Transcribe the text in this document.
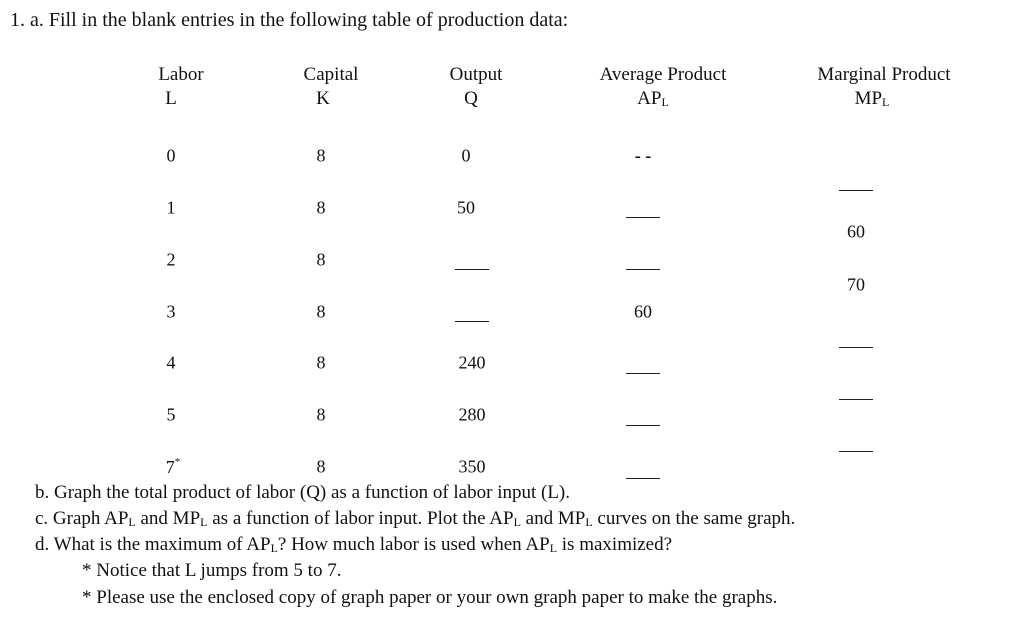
1. a. Fill in the blank entries in the following table of production data:
Labor
L
Capital
K
Output
Q
Average Product
APL
Marginal Product
MPL
0
1
2
3
4
5
7*
8
8
8
8
8
8
8
0
50
240
280
350
- -
60
60
70
b. Graph the total product of labor (Q) as a function of labor input (L).
c. Graph APL and MPL as a function of labor input. Plot the APL and MPL curves on the same graph.
d. What is the maximum of APL? How much labor is used when APL is maximized?
* Notice that L jumps from 5 to 7.
* Please use the enclosed copy of graph paper or your own graph paper to make the graphs.
